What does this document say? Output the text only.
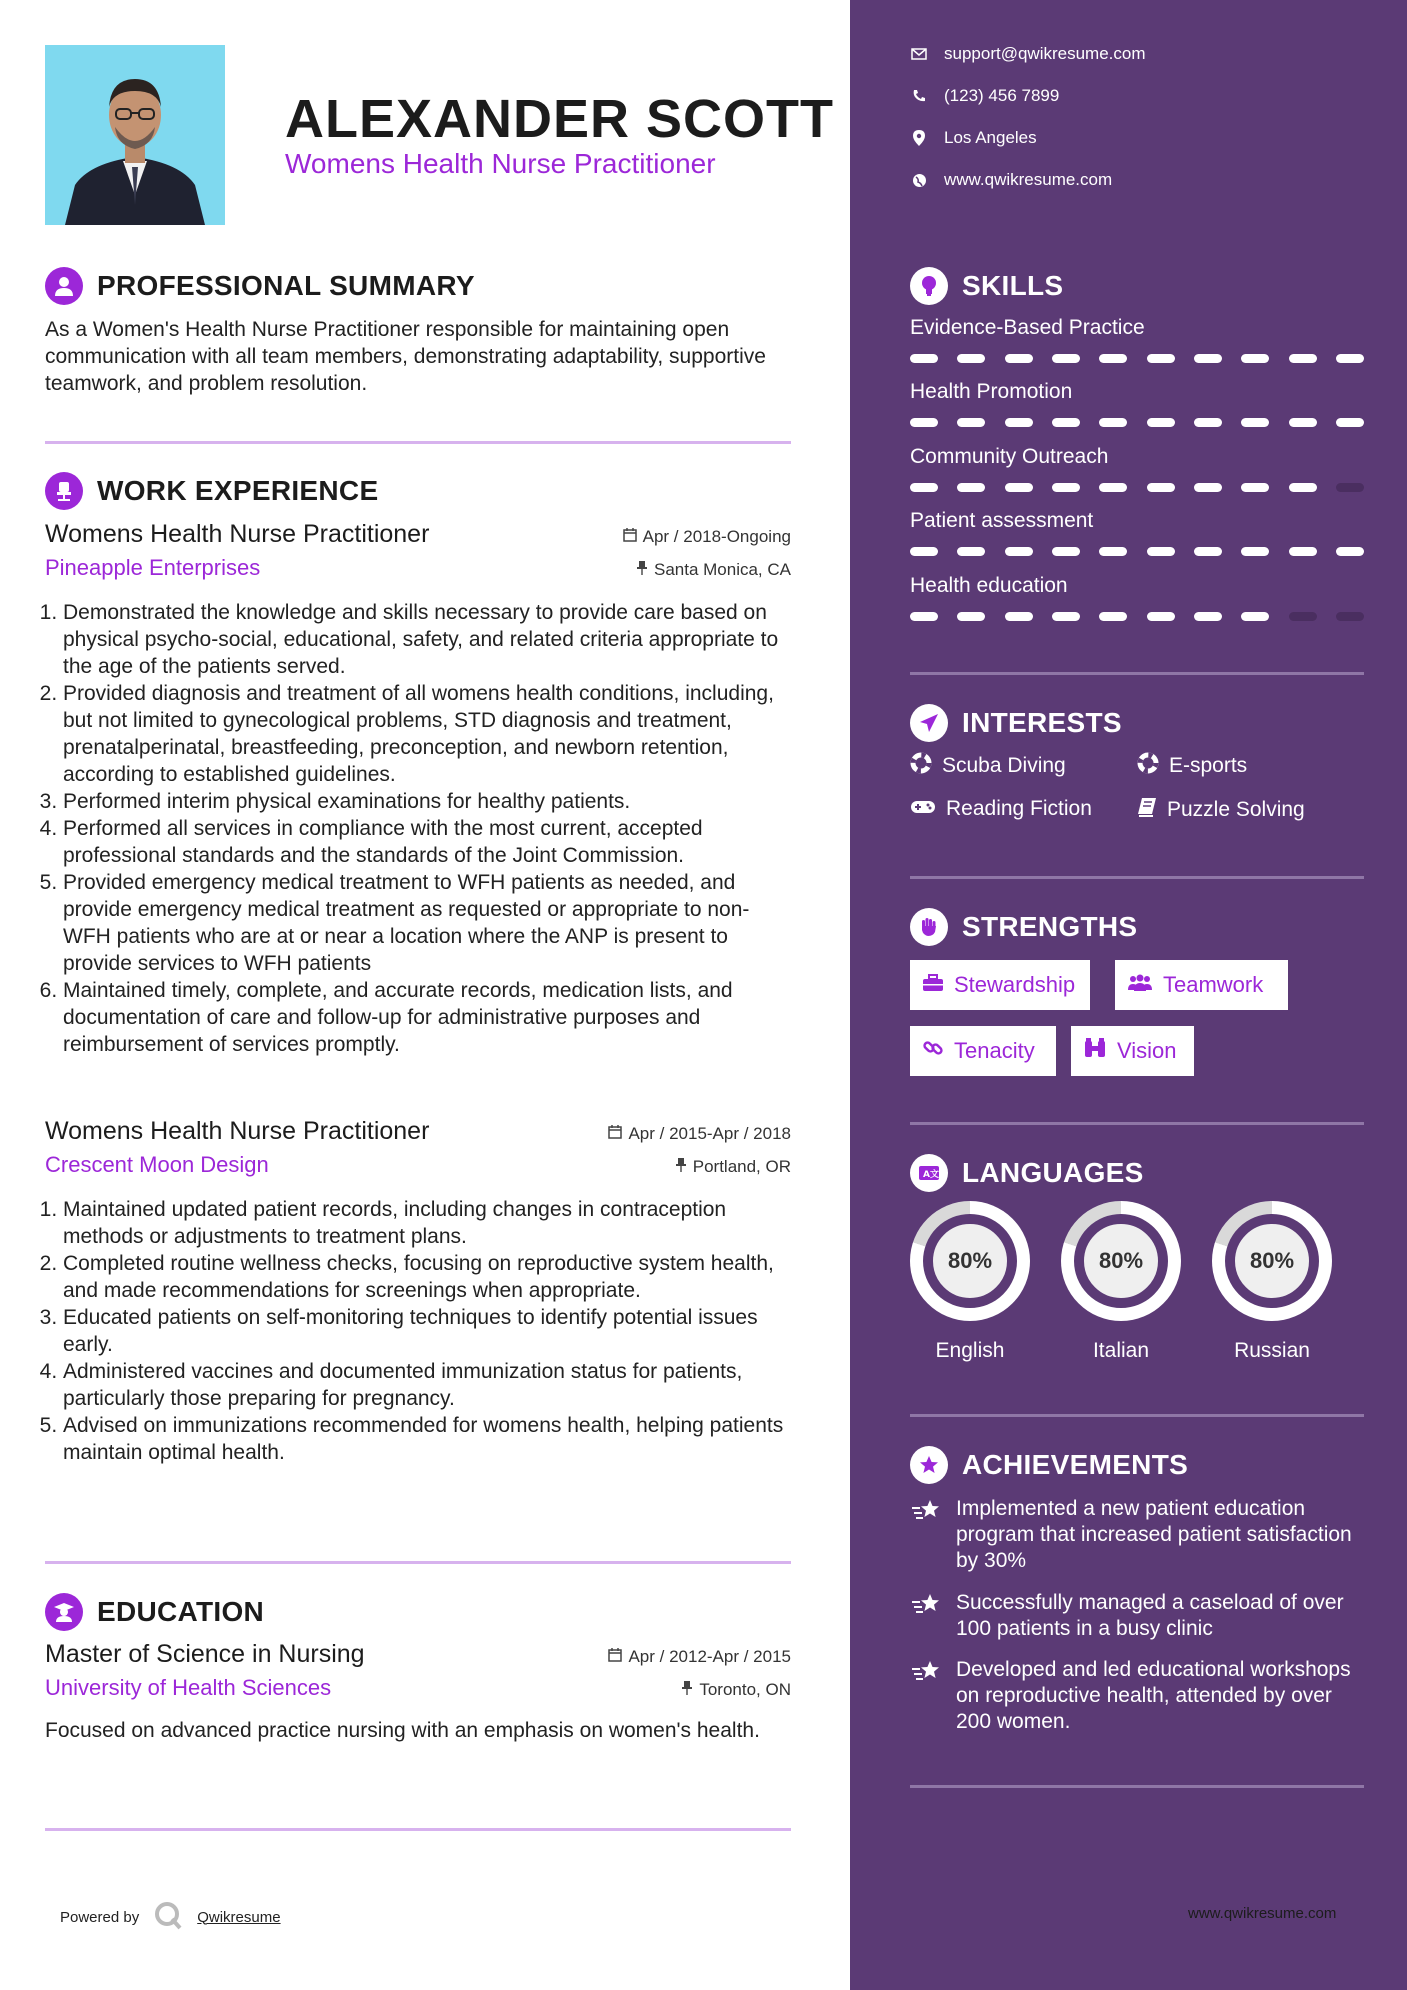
ALEXANDER SCOTT
Womens Health Nurse Practitioner
PROFESSIONAL SUMMARY

As a Women's Health Nurse Practitioner responsible for maintaining open communication with all team members, demonstrating adaptability, supportive teamwork, and problem resolution.

WORK EXPERIENCE
Womens Health Nurse Practitioner	Apr / 2018-Ongoing
Pineapple Enterprises	Santa Monica, CA
1. Demonstrated the knowledge and skills necessary to provide care based on physical psycho-social, educational, safety, and related criteria appropriate to the age of the patients served.
2. Provided diagnosis and treatment of all womens health conditions, including, but not limited to gynecological problems, STD diagnosis and treatment, prenatalperinatal, breastfeeding, preconception, and newborn retention, according to established guidelines.
3. Performed interim physical examinations for healthy patients.
4. Performed all services in compliance with the most current, accepted professional standards and the standards of the Joint Commission.
5. Provided emergency medical treatment to WFH patients as needed, and provide emergency medical treatment as requested or appropriate to non-WFH patients who are at or near a location where the ANP is present to provide services to WFH patients
6. Maintained timely, complete, and accurate records, medication lists, and documentation of care and follow-up for administrative purposes and reimbursement of services promptly.
Womens Health Nurse Practitioner	Apr / 2015-Apr / 2018
Crescent Moon Design	Portland, OR
1. Maintained updated patient records, including changes in contraception methods or adjustments to treatment plans.
2. Completed routine wellness checks, focusing on reproductive system health, and made recommendations for screenings when appropriate.
3. Educated patients on self-monitoring techniques to identify potential issues early.
4. Administered vaccines and documented immunization status for patients, particularly those preparing for pregnancy.
5. Advised on immunizations recommended for womens health, helping patients maintain optimal health.
EDUCATION
Master of Science in Nursing	Apr / 2012-Apr / 2015
University of Health Sciences	Toronto, ON

Focused on advanced practice nursing with an emphasis on women's health.

Powered by	Qwikresume
support@qwikresume.com
(123) 456 7899
Los Angeles
www.qwikresume.com
SKILLS
Evidence-Based Practice
Health Promotion
Community Outreach
Patient assessment
Health education
INTERESTS
Scuba Diving	E-sports
Reading Fiction	Puzzle Solving
STRENGTHS
Stewardship	Teamwork
Tenacity	Vision
A 文 LANGUAGES
80%
English
80%
Italian
80%
Russian
ACHIEVEMENTS
Implemented a new patient education program that increased patient satisfaction by 30%
Successfully managed a caseload of over 100 patients in a busy clinic
Developed and led educational workshops on reproductive health, attended by over 200 women.
www.qwikresume.com
